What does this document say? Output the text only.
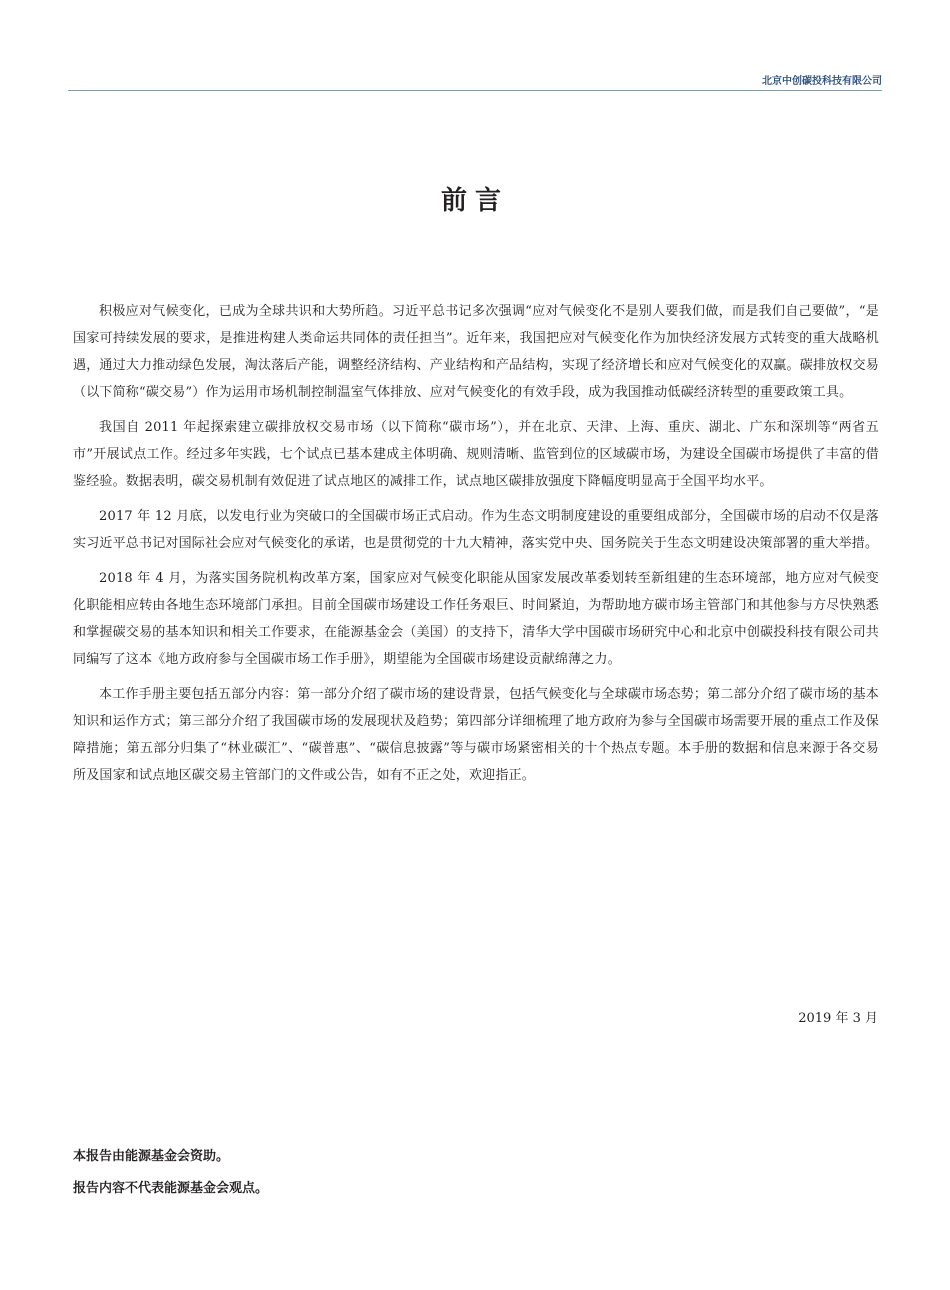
北京中创碳投科技有限公司
前言

积极应对气候变化，已成为全球共识和大势所趋。习近平总书记多次强调“应对气候变化不是别人要我们做，而是我们自己要做”，“是国家可持续发展的要求，是推进构建人类命运共同体的责任担当”。近年来，我国把应对气候变化作为加快经济发展方式转变的重大战略机遇，通过大力推动绿色发展，淘汰落后产能，调整经济结构、产业结构和产品结构，实现了经济增长和应对气候变化的双赢。碳排放权交易（以下简称“碳交易”）作为运用市场机制控制温室气体排放、应对气候变化的有效手段，成为我国推动低碳经济转型的重要政策工具。

我国自 2011 年起探索建立碳排放权交易市场（以下简称“碳市场”），并在北京、天津、上海、重庆、湖北、广东和深圳等“两省五市”开展试点工作。经过多年实践，七个试点已基本建成主体明确、规则清晰、监管到位的区域碳市场，为建设全国碳市场提供了丰富的借鉴经验。数据表明，碳交易机制有效促进了试点地区的减排工作，试点地区碳排放强度下降幅度明显高于全国平均水平。

2017 年 12 月底，以发电行业为突破口的全国碳市场正式启动。作为生态文明制度建设的重要组成部分，全国碳市场的启动不仅是落实习近平总书记对国际社会应对气候变化的承诺，也是贯彻党的十九大精神，落实党中央、国务院关于生态文明建设决策部署的重大举措。

2018 年 4 月，为落实国务院机构改革方案，国家应对气候变化职能从国家发展改革委划转至新组建的生态环境部，地方应对气候变化职能相应转由各地生态环境部门承担。目前全国碳市场建设工作任务艰巨、时间紧迫，为帮助地方碳市场主管部门和其他参与方尽快熟悉和掌握碳交易的基本知识和相关工作要求，在能源基金会（美国）的支持下，清华大学中国碳市场研究中心和北京中创碳投科技有限公司共同编写了这本《地方政府参与全国碳市场工作手册》，期望能为全国碳市场建设贡献绵薄之力。

本工作手册主要包括五部分内容：第一部分介绍了碳市场的建设背景，包括气候变化与全球碳市场态势；第二部分介绍了碳市场的基本知识和运作方式；第三部分介绍了我国碳市场的发展现状及趋势；第四部分详细梳理了地方政府为参与全国碳市场需要开展的重点工作及保障措施；第五部分归集了“林业碳汇”、“碳普惠”、“碳信息披露”等与碳市场紧密相关的十个热点专题。本手册的数据和信息来源于各交易所及国家和试点地区碳交易主管部门的文件或公告，如有不正之处，欢迎指正。

2019 年 3 月
本报告由能源基金会资助。
报告内容不代表能源基金会观点。
